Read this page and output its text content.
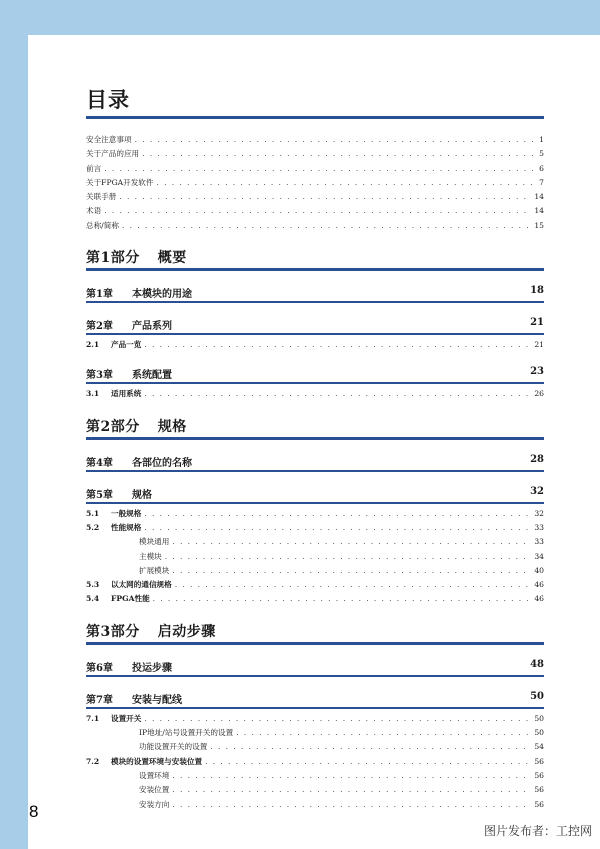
目录
安全注意事项 . . .	1
关于产品的应用 . . .	5
前言 . . .	6
关于FPGA开发软件 . . .	7
关联手册 . . .	14
术语 . . .	14
总称/简称 . . .	15
第1部分 概要
第1章 本模块的用途	18
第2章 产品系列	21
2.1 产品一览 . . .	21
第3章 系统配置	23
3.1 适用系统 . . .	26
第2部分 规格
第4章 各部位的名称	28
第5章 规格	32
5.1 一般规格 . . .	32
5.2 性能规格 . . .	33
模块通用 . . .	33
主模块 . . .	34
扩展模块 . . .	40
5.3 以太网的通信规格 . . .	46
5.4 FPGA性能 . . .	46
第3部分 启动步骤
第6章 投运步骤	48
第7章 安装与配线	50
7.1 设置开关 . . .	50
IP地址/站号设置开关的设置 . . .	50
功能设置开关的设置 . . .	54
7.2 模块的设置环境与安装位置 . . .	56
设置环境 . . .	56
安装位置 . . .	56
安装方向 . . .	56
8
图片发布者：工控网
